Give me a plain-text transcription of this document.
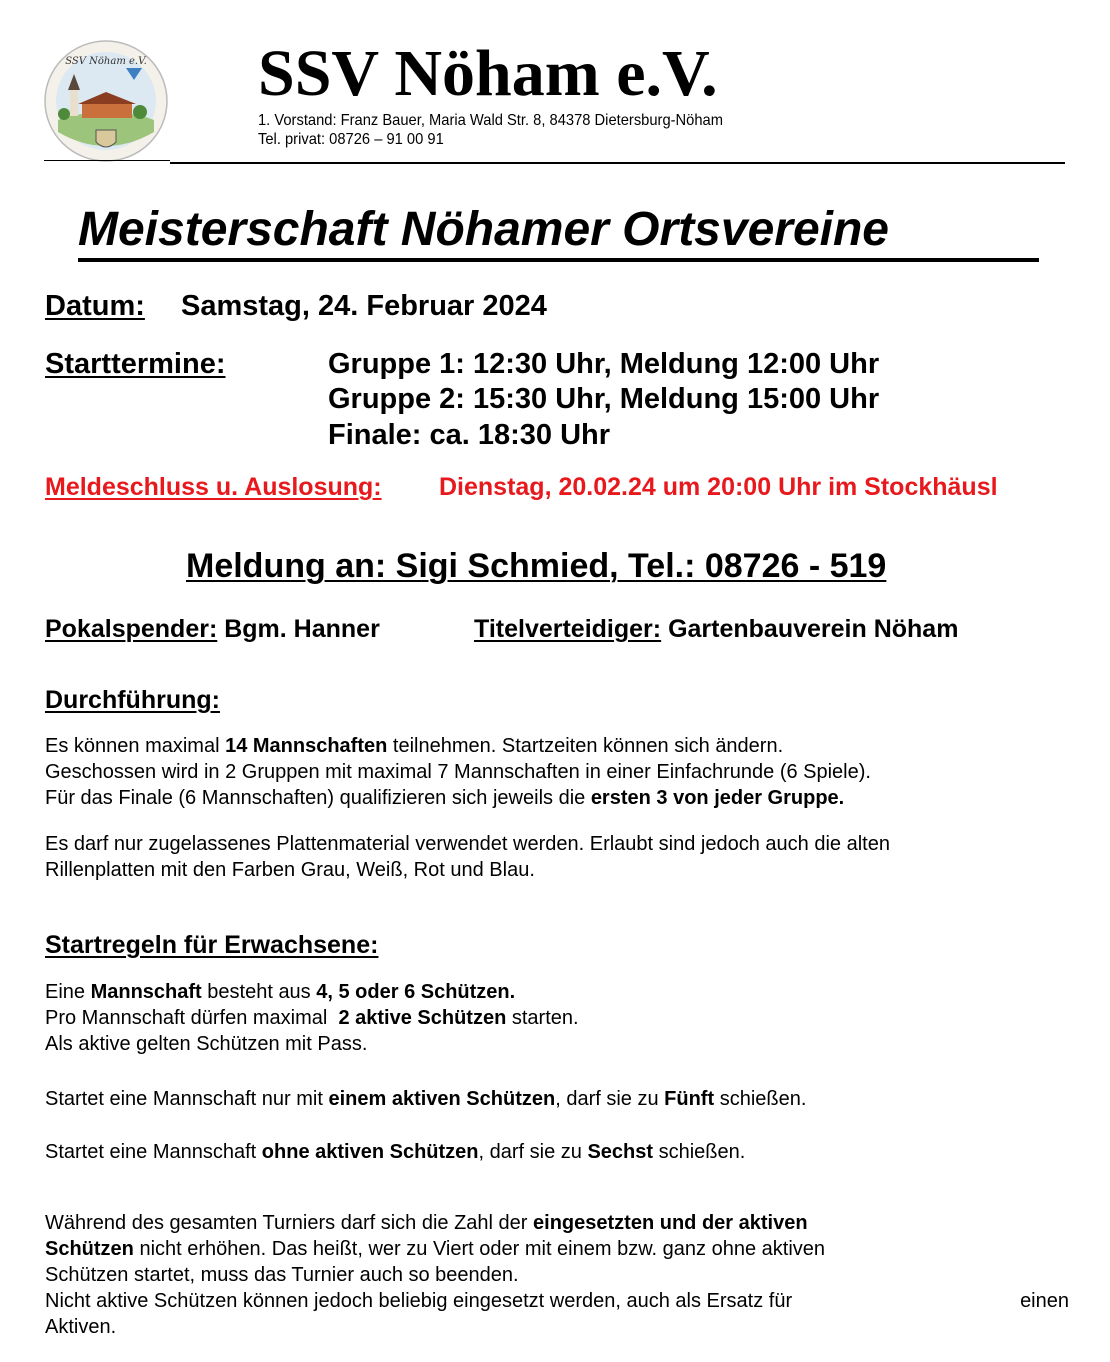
SSV Nöham e.V. SSV Nöham e.V.
1. Vorstand: Franz Bauer, Maria Wald Str. 8, 84378 Dietersburg-Nöham
Tel. privat: 08726 – 91 00 91
Meisterschaft Nöhamer Ortsvereine
Datum: Samstag, 24. Februar 2024
Starttermine:	Gruppe 1: 12:30 Uhr, Meldung 12:00 Uhr
Gruppe 2: 15:30 Uhr, Meldung 15:00 Uhr
Finale: ca. 18:30 Uhr
Meldeschluss u. Auslosung: Dienstag, 20.02.24 um 20:00 Uhr im Stockhäusl
Meldung an: Sigi Schmied, Tel.: 08726 - 519
Pokalspender: Bgm. Hanner	Titelverteidiger: Gartenbauverein Nöham
Durchführung:
Es können maximal 14 Mannschaften teilnehmen. Startzeiten können sich ändern.
Geschossen wird in 2 Gruppen mit maximal 7 Mannschaften in einer Einfachrunde (6 Spiele).
Für das Finale (6 Mannschaften) qualifizieren sich jeweils die ersten 3 von jeder Gruppe.
Es darf nur zugelassenes Plattenmaterial verwendet werden. Erlaubt sind jedoch auch die alten
Rillenplatten mit den Farben Grau, Weiß, Rot und Blau.
Startregeln für Erwachsene:
Eine Mannschaft besteht aus 4, 5 oder 6 Schützen.
Pro Mannschaft dürfen maximal  2 aktive Schützen starten.
Als aktive gelten Schützen mit Pass.
Startet eine Mannschaft nur mit einem aktiven Schützen, darf sie zu Fünft schießen.
Startet eine Mannschaft ohne aktiven Schützen, darf sie zu Sechst schießen.
Während des gesamten Turniers darf sich die Zahl der eingesetzten und der aktiven
Schützen nicht erhöhen. Das heißt, wer zu Viert oder mit einem bzw. ganz ohne aktiven
Schützen startet, muss das Turnier auch so beenden.
Nicht aktive Schützen können jedoch beliebig eingesetzt werden, auch als Ersatz für	einen
Aktiven.
